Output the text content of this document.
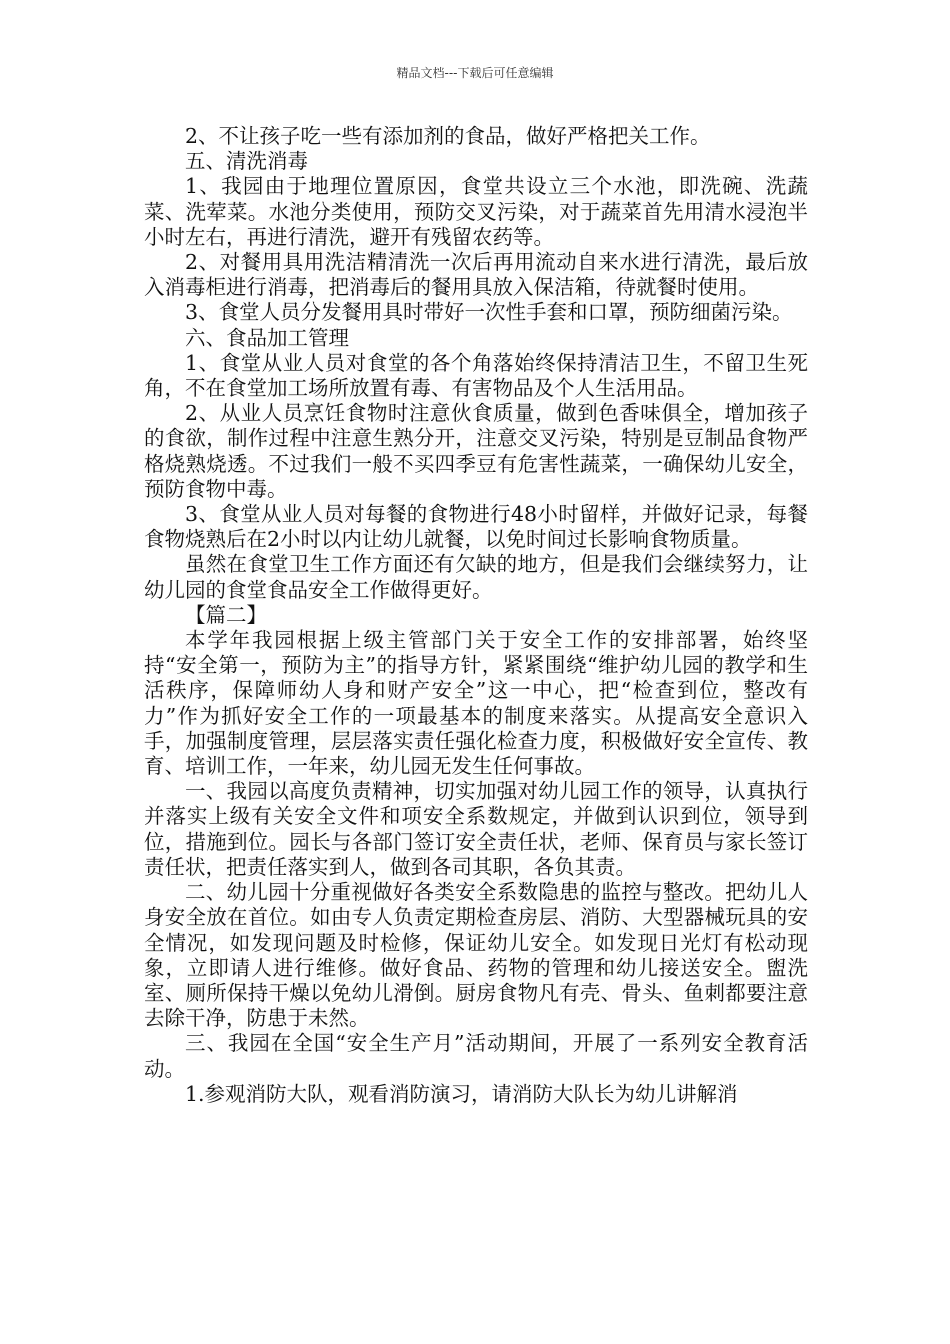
精品文档---下载后可任意编辑

2、不让孩子吃一些有添加剂的食品，做好严格把关工作。

五、清洗消毒

1、我园由于地理位置原因，食堂共设立三个水池，即洗碗、洗蔬菜、洗荤菜。水池分类使用，预防交叉污染，对于蔬菜首先用清水浸泡半小时左右，再进行清洗，避开有残留农药等。

2、对餐用具用洗洁精清洗一次后再用流动自来水进行清洗，最后放入消毒柜进行消毒，把消毒后的餐用具放入保洁箱，待就餐时使用。

3、食堂人员分发餐用具时带好一次性手套和口罩，预防细菌污染。

六、食品加工管理

1、食堂从业人员对食堂的各个角落始终保持清洁卫生，不留卫生死角，不在食堂加工场所放置有毒、有害物品及个人生活用品。

2、从业人员烹饪食物时注意伙食质量，做到色香味俱全，增加孩子的食欲，制作过程中注意生熟分开，注意交叉污染，特别是豆制品食物严格烧熟烧透。不过我们一般不买四季豆有危害性蔬菜，一确保幼儿安全，预防食物中毒。

3、食堂从业人员对每餐的食物进行48小时留样，并做好记录，每餐食物烧熟后在2小时以内让幼儿就餐，以免时间过长影响食物质量。

虽然在食堂卫生工作方面还有欠缺的地方，但是我们会继续努力，让幼儿园的食堂食品安全工作做得更好。

【篇二】

本学年我园根据上级主管部门关于安全工作的安排部署，始终坚持“安全第一，预防为主”的指导方针，紧紧围绕“维护幼儿园的教学和生活秩序，保障师幼人身和财产安全”这一中心，把“检查到位，整改有力”作为抓好安全工作的一项最基本的制度来落实。从提高安全意识入手，加强制度管理，层层落实责任强化检查力度，积极做好安全宣传、教育、培训工作，一年来，幼儿园无发生任何事故。

一、我园以高度负责精神，切实加强对幼儿园工作的领导，认真执行并落实上级有关安全文件和项安全系数规定，并做到认识到位，领导到位，措施到位。园长与各部门签订安全责任状，老师、保育员与家长签订责任状，把责任落实到人，做到各司其职，各负其责。

二、幼儿园十分重视做好各类安全系数隐患的监控与整改。把幼儿人身安全放在首位。如由专人负责定期检查房层、消防、大型器械玩具的安全情况，如发现问题及时检修，保证幼儿安全。如发现日光灯有松动现象，立即请人进行维修。做好食品、药物的管理和幼儿接送安全。盥洗室、厕所保持干燥以免幼儿滑倒。厨房食物凡有壳、骨头、鱼刺都要注意去除干净，防患于未然。

三、我园在全国“安全生产月”活动期间，开展了一系列安全教育活动。

1.参观消防大队，观看消防演习，请消防大队长为幼儿讲解消
